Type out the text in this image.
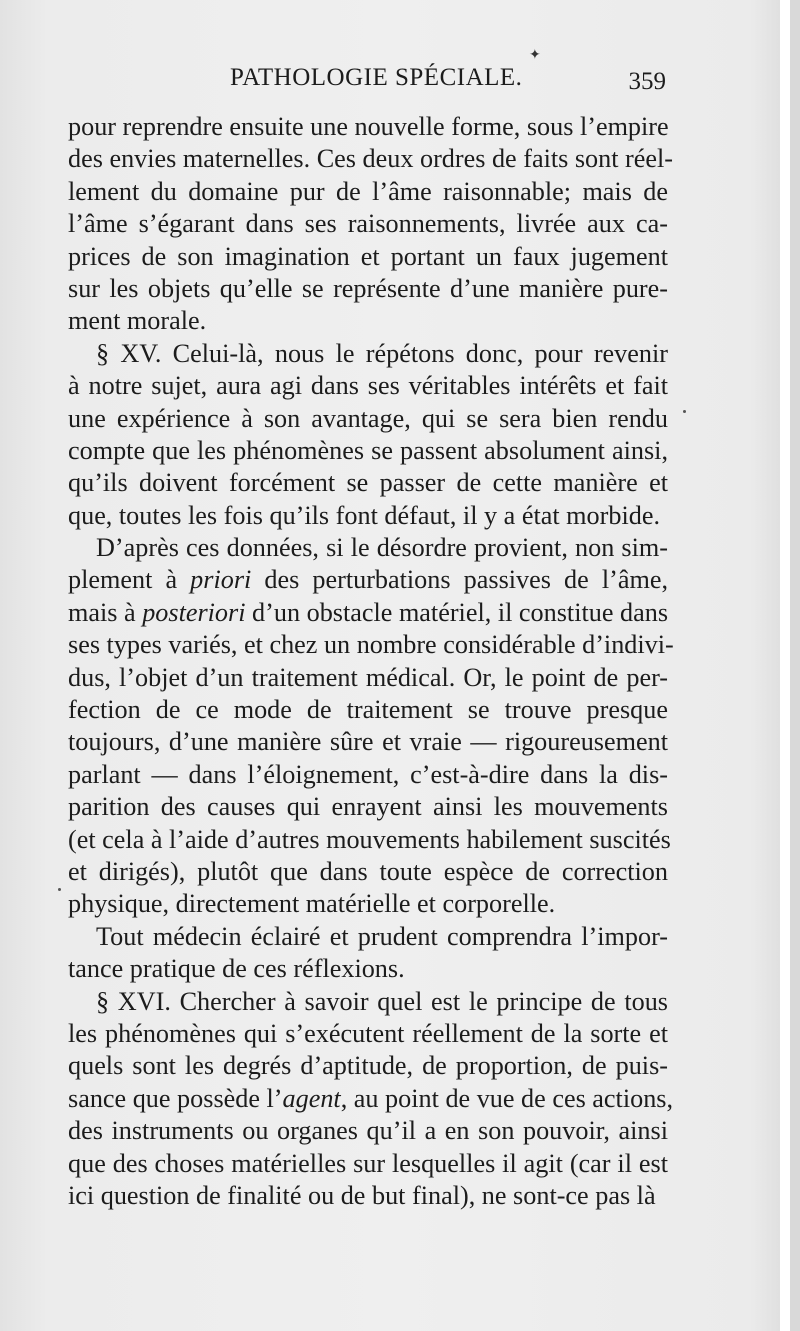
✦
PATHOLOGIE SPÉCIALE.	359
pour reprendre ensuite une nouvelle forme, sous l’empire
des envies maternelles. Ces deux ordres de faits sont réel-
lement du domaine pur de l’âme raisonnable; mais de
l’âme s’égarant dans ses raisonnements, livrée aux ca-
prices de son imagination et portant un faux jugement
sur les objets qu’elle se représente d’une manière pure-
ment morale.
§ XV. Celui-là, nous le répétons donc, pour revenir
à notre sujet, aura agi dans ses véritables intérêts et fait
une expérience à son avantage, qui se sera bien rendu
compte que les phénomènes se passent absolument ainsi,
qu’ils doivent forcément se passer de cette manière et
que, toutes les fois qu’ils font défaut, il y a état morbide.
D’après ces données, si le désordre provient, non sim-
plement à priori des perturbations passives de l’âme,
mais à posteriori d’un obstacle matériel, il constitue dans
ses types variés, et chez un nombre considérable d’indivi-
dus, l’objet d’un traitement médical. Or, le point de per-
fection de ce mode de traitement se trouve presque
toujours, d’une manière sûre et vraie — rigoureusement
parlant — dans l’éloignement, c’est-à-dire dans la dis-
parition des causes qui enrayent ainsi les mouvements
(et cela à l’aide d’autres mouvements habilement suscités
et dirigés), plutôt que dans toute espèce de correction
physique, directement matérielle et corporelle.
Tout médecin éclairé et prudent comprendra l’impor-
tance pratique de ces réflexions.
§ XVI. Chercher à savoir quel est le principe de tous
les phénomènes qui s’exécutent réellement de la sorte et
quels sont les degrés d’aptitude, de proportion, de puis-
sance que possède l’agent, au point de vue de ces actions,
des instruments ou organes qu’il a en son pouvoir, ainsi
que des choses matérielles sur lesquelles il agit (car il est
ici question de finalité ou de but final), ne sont-ce pas là
